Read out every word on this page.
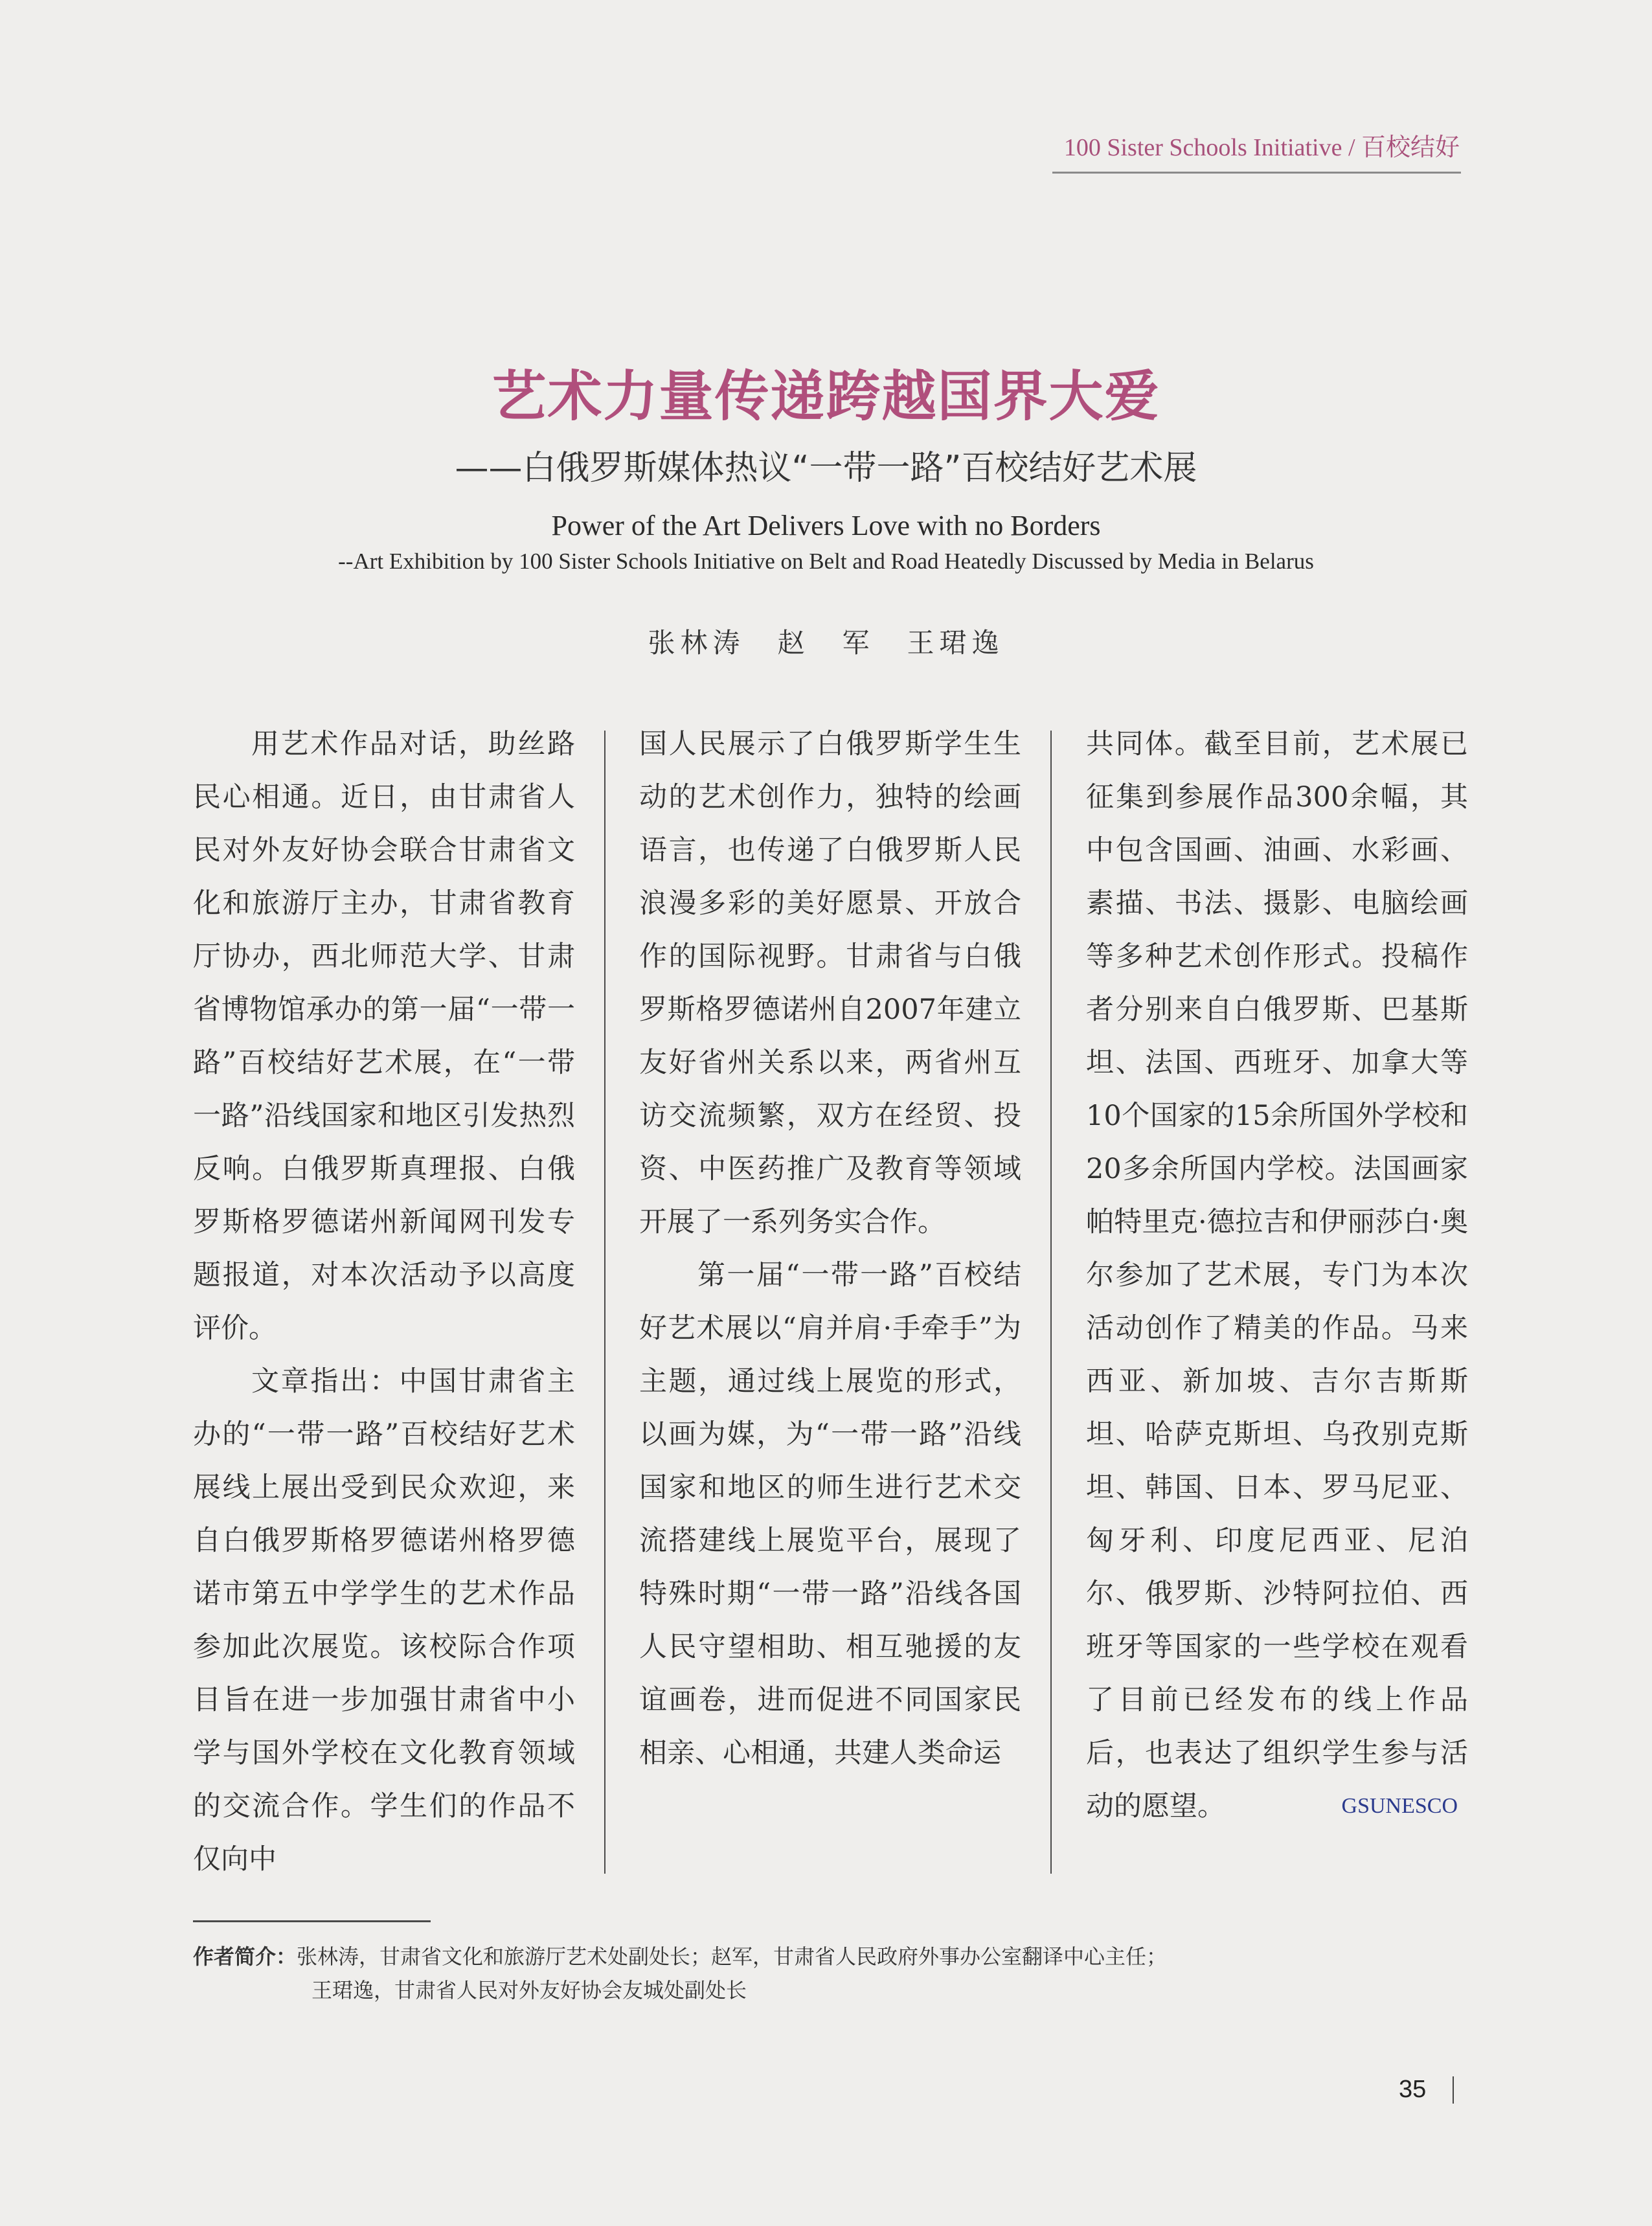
100 Sister Schools Initiative / 百校结好
艺术力量传递跨越国界大爱
——白俄罗斯媒体热议“一带一路”百校结好艺术展
Power of the Art Delivers Love with no Borders
--Art Exhibition by 100 Sister Schools Initiative on Belt and Road Heatedly Discussed by Media in Belarus
张林涛　赵　军　王珺逸

用艺术作品对话，助丝路民心相通。近日，由甘肃省人民对外友好协会联合甘肃省文化和旅游厅主办，甘肃省教育厅协办，西北师范大学、甘肃省博物馆承办的第一届“一带一路”百校结好艺术展，在“一带一路”沿线国家和地区引发热烈反响。白俄罗斯真理报、白俄罗斯格罗德诺州新闻网刊发专题报道，对本次活动予以高度评价。

文章指出：中国甘肃省主办的“一带一路”百校结好艺术展线上展出受到民众欢迎，来自白俄罗斯格罗德诺州格罗德诺市第五中学学生的艺术作品参加此次展览。该校际合作项目旨在进一步加强甘肃省中小学与国外学校在文化教育领域的交流合作。学生们的作品不仅向中

国人民展示了白俄罗斯学生生动的艺术创作力，独特的绘画语言，也传递了白俄罗斯人民浪漫多彩的美好愿景、开放合作的国际视野。甘肃省与白俄罗斯格罗德诺州自2007年建立友好省州关系以来，两省州互访交流频繁，双方在经贸、投资、中医药推广及教育等领域开展了一系列务实合作。

第一届“一带一路”百校结好艺术展以“肩并肩·手牵手”为主题，通过线上展览的形式，以画为媒，为“一带一路”沿线国家和地区的师生进行艺术交流搭建线上展览平台，展现了特殊时期“一带一路”沿线各国人民守望相助、相互驰援的友谊画卷，进而促进不同国家民相亲、心相通，共建人类命运

共同体。截至目前，艺术展已征集到参展作品300余幅，其中包含国画、油画、水彩画、素描、书法、摄影、电脑绘画等多种艺术创作形式。投稿作者分别来自白俄罗斯、巴基斯坦、法国、西班牙、加拿大等10个国家的15余所国外学校和20多余所国内学校。法国画家帕特里克·德拉吉和伊丽莎白·奥尔参加了艺术展，专门为本次活动创作了精美的作品。马来西亚、新加坡、吉尔吉斯斯坦、哈萨克斯坦、乌孜别克斯坦、韩国、日本、罗马尼亚、匈牙利、印度尼西亚、尼泊尔、俄罗斯、沙特阿拉伯、西班牙等国家的一些学校在观看了目前已经发布的线上作品后，也表达了组织学生参与活动的愿望。	GSUNESCO

作者简介：张林涛，甘肃省文化和旅游厅艺术处副处长；赵军，甘肃省人民政府外事办公室翻译中心主任；
王珺逸，甘肃省人民对外友好协会友城处副处长
35
